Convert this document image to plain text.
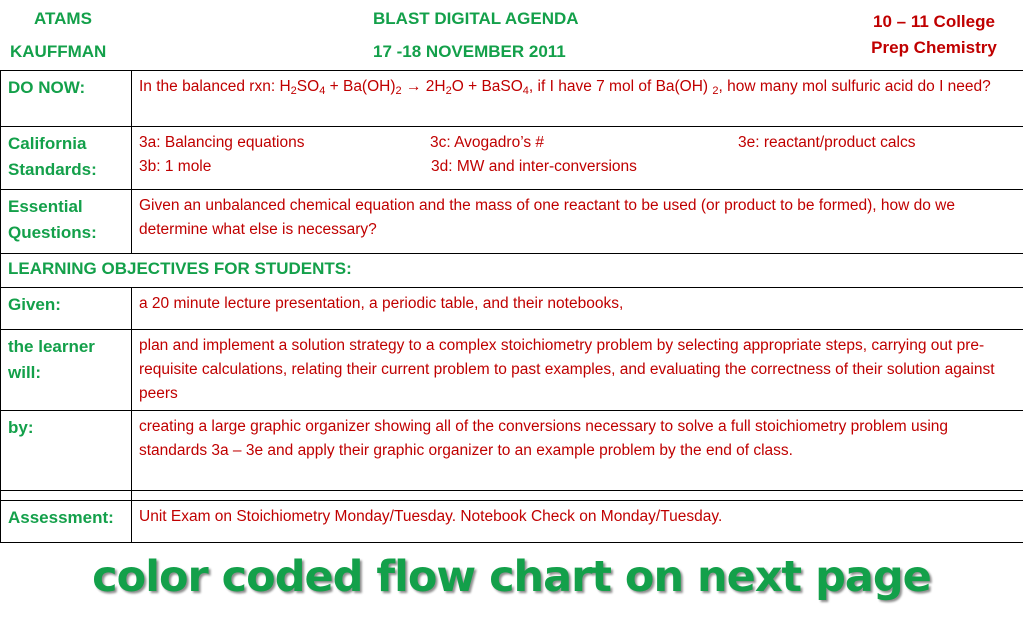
ATAMS
KAUFFMAN
BLAST DIGITAL AGENDA
17 -18 NOVEMBER 2011
10 – 11 College
Prep Chemistry
DO NOW:	In the balanced rxn: $H_2SO_4 + Ba(OH)_2 \to 2H_2O$ + BaSO$_4$, if I have 7 mol of Ba(OH) $_2$, how many mol sulfuric acid do I need?
California Standards:	3a: Balancing equations
3b: 1 mole
3c: Avogadro’s #
3d: MW and inter-conversions
3e: reactant/product calcs

Essential Questions:	Given an unbalanced chemical equation and the mass of one reactant to be used (or product to be formed), how do we determine what else is necessary?
LEARNING OBJECTIVES FOR STUDENTS:	
Given:	a 20 minute lecture presentation, a periodic table, and their notebooks,
the learner will:	plan and implement a solution strategy to a complex stoichiometry problem by selecting appropriate steps, carrying out pre-requisite calculations, relating their current problem to past examples, and evaluating the correctness of their solution against peers
by:	creating a large graphic organizer showing all of the conversions necessary to solve a full stoichiometry problem using standards 3a – 3e and apply their graphic organizer to an example problem by the end of class.

Assessment:	Unit Exam on Stoichiometry Monday/Tuesday. Notebook Check on Monday/Tuesday.
color coded flow chart on next page
